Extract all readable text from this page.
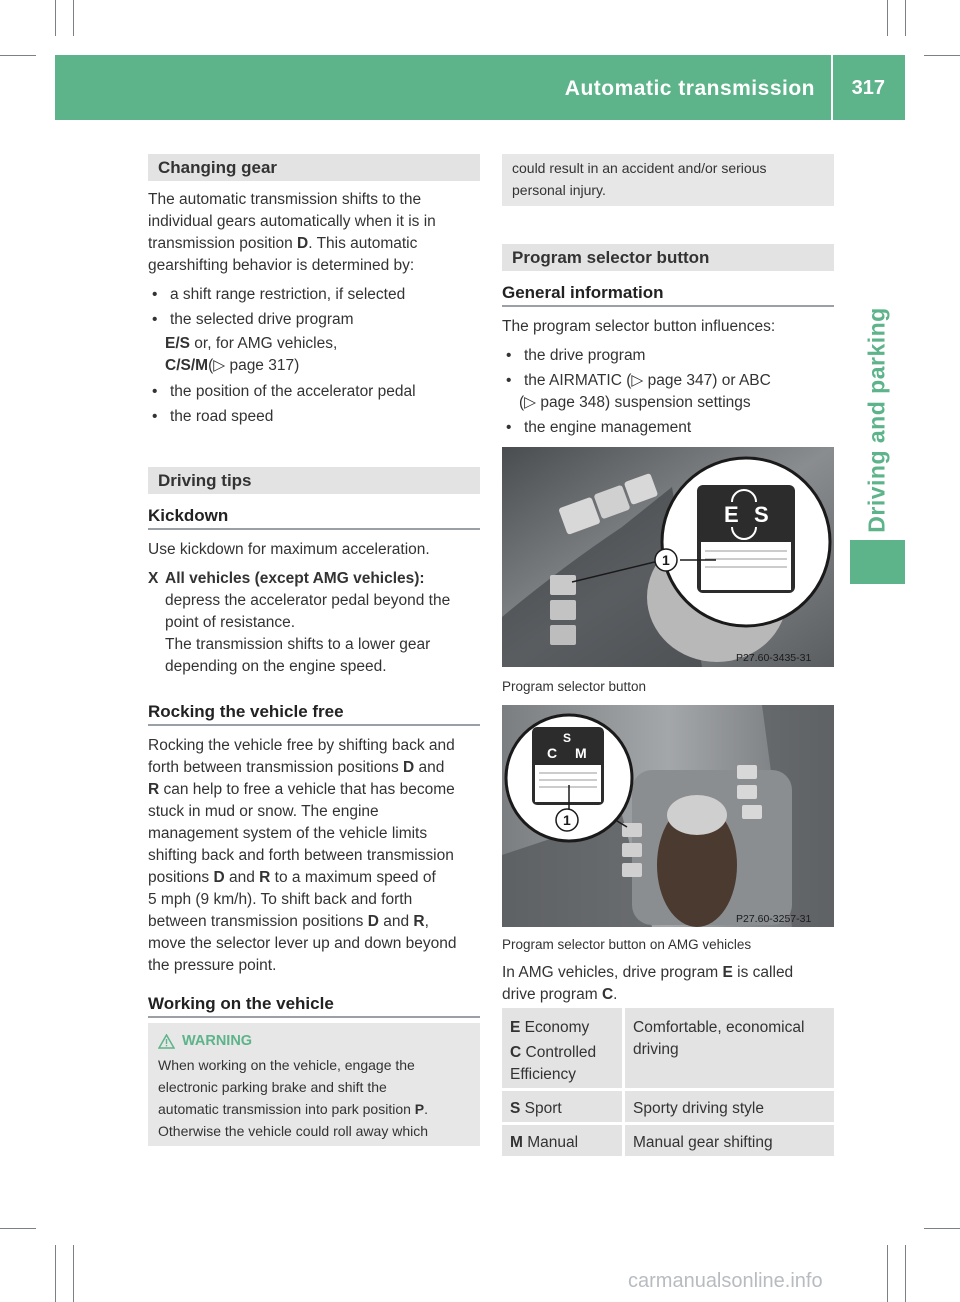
Automatic transmission 317
Driving and parking
Changing gear
The automatic transmission shifts to the
individual gears automatically when it is in
transmission position D. This automatic
gearshifting behavior is determined by:
• a shift range restriction, if selected
• the selected drive program
E/S or, for AMG vehicles,
C/S/M(▷ page 317)
• the position of the accelerator pedal
• the road speed
Driving tips
Kickdown
Use kickdown for maximum acceleration.
X All vehicles (except AMG vehicles):
depress the accelerator pedal beyond the
point of resistance.
The transmission shifts to a lower gear
depending on the engine speed.
Rocking the vehicle free
Rocking the vehicle free by shifting back and
forth between transmission positions D and
R can help to free a vehicle that has become
stuck in mud or snow. The engine
management system of the vehicle limits
shifting back and forth between transmission
positions D and R to a maximum speed of
5 mph (9 km/h). To shift back and forth
between transmission positions D and R,
move the selector lever up and down beyond
the pressure point.
Working on the vehicle
WARNING
When working on the vehicle, engage the
electronic parking brake and shift the
automatic transmission into park position P.
Otherwise the vehicle could roll away which
could result in an accident and/or serious
personal injury.
Program selector button
General information
The program selector button influences:
• the drive program
• the AIRMATIC (▷ page 347) or ABC
(▷ page 348) suspension settings
• the engine management
E S
1
P27.60-3435-31
Program selector button
S
C M
1
P27.60-3257-31
Program selector button on AMG vehicles
In AMG vehicles, drive program E is called
drive program C.
E Economy
C Controlled
Efficiency
Comfortable, economical
driving
S Sport	Sporty driving style
M Manual	Manual gear shifting
carmanualsonline.info
